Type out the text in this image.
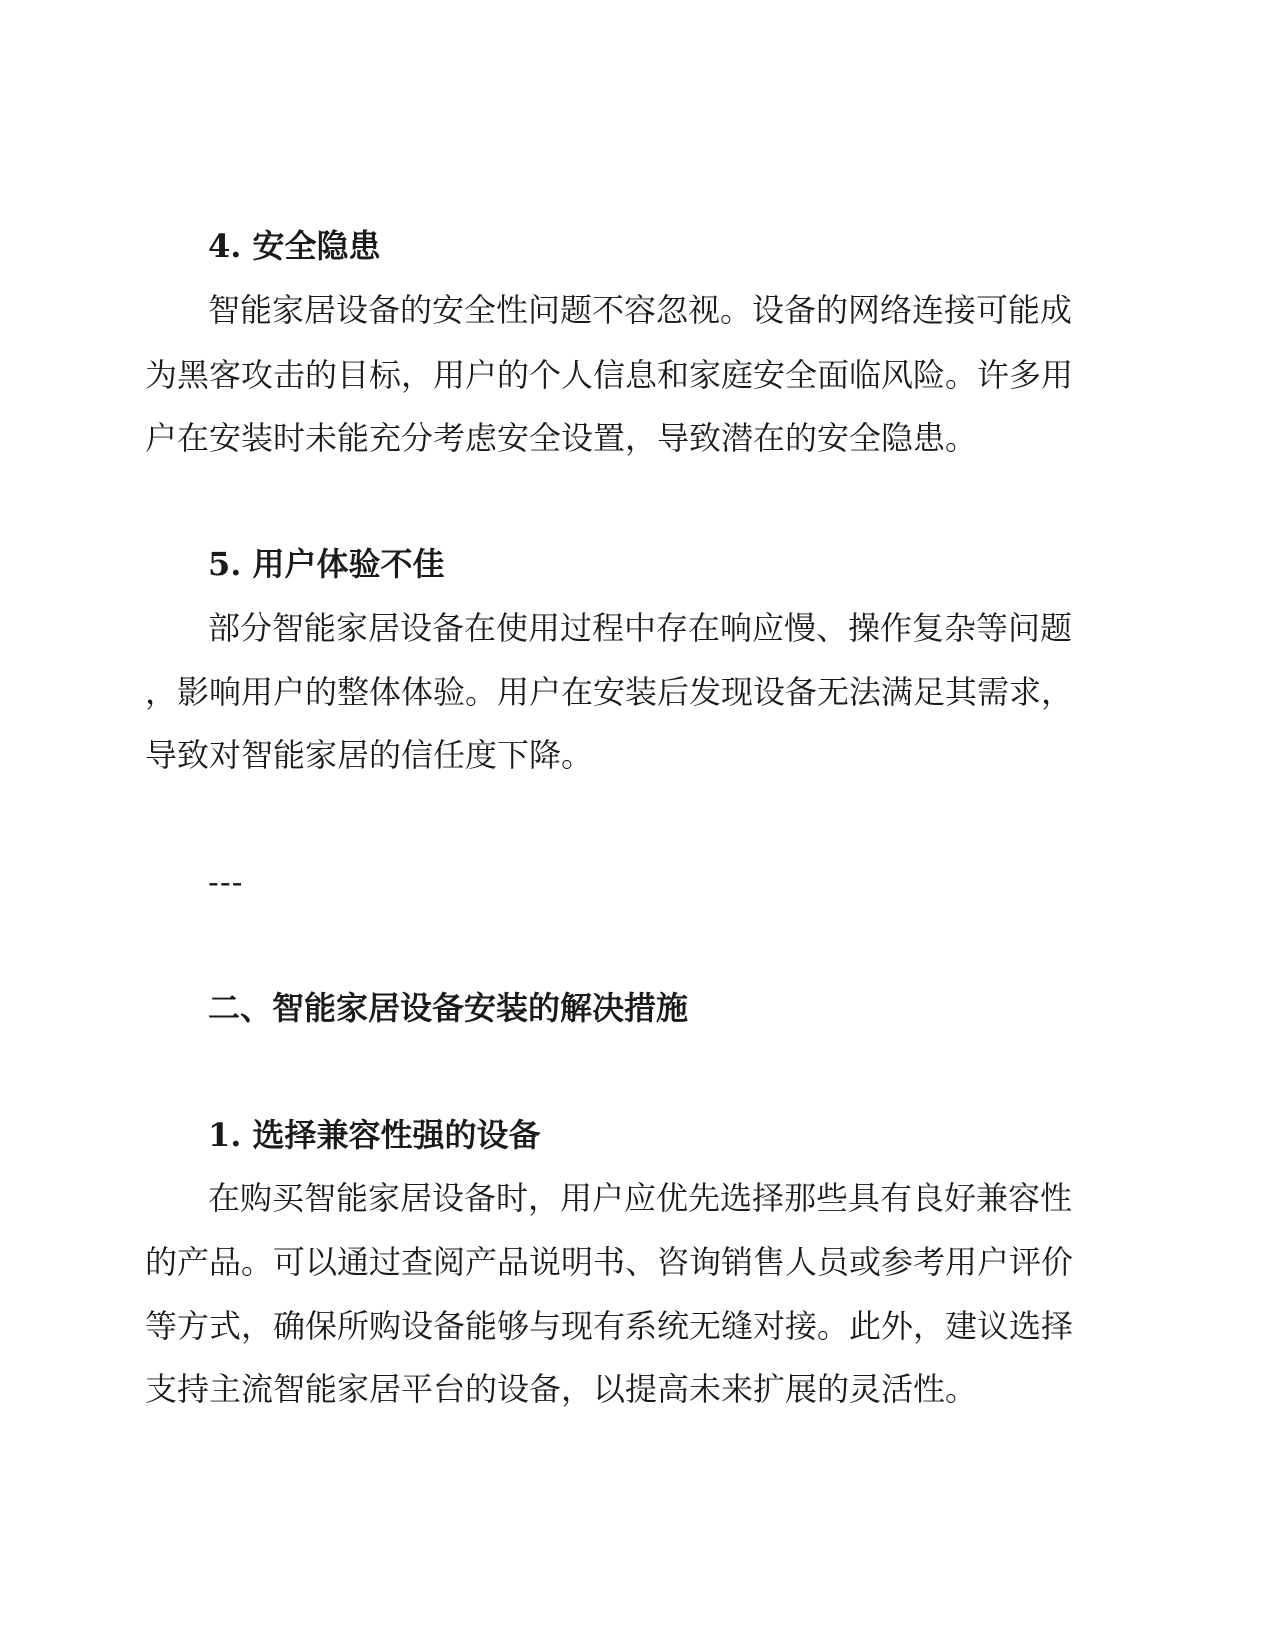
4. 安全隐患
智能家居设备的安全性问题不容忽视。设备的网络连接可能成
为黑客攻击的目标，用户的个人信息和家庭安全面临风险。许多用
户在安装时未能充分考虑安全设置，导致潜在的安全隐患。
5. 用户体验不佳
部分智能家居设备在使用过程中存在响应慢、操作复杂等问题
，影响用户的整体体验。用户在安装后发现设备无法满足其需求，
导致对智能家居的信任度下降。
---
二、智能家居设备安装的解决措施
1. 选择兼容性强的设备
在购买智能家居设备时，用户应优先选择那些具有良好兼容性
的产品。可以通过查阅产品说明书、咨询销售人员或参考用户评价
等方式，确保所购设备能够与现有系统无缝对接。此外，建议选择
支持主流智能家居平台的设备，以提高未来扩展的灵活性。
